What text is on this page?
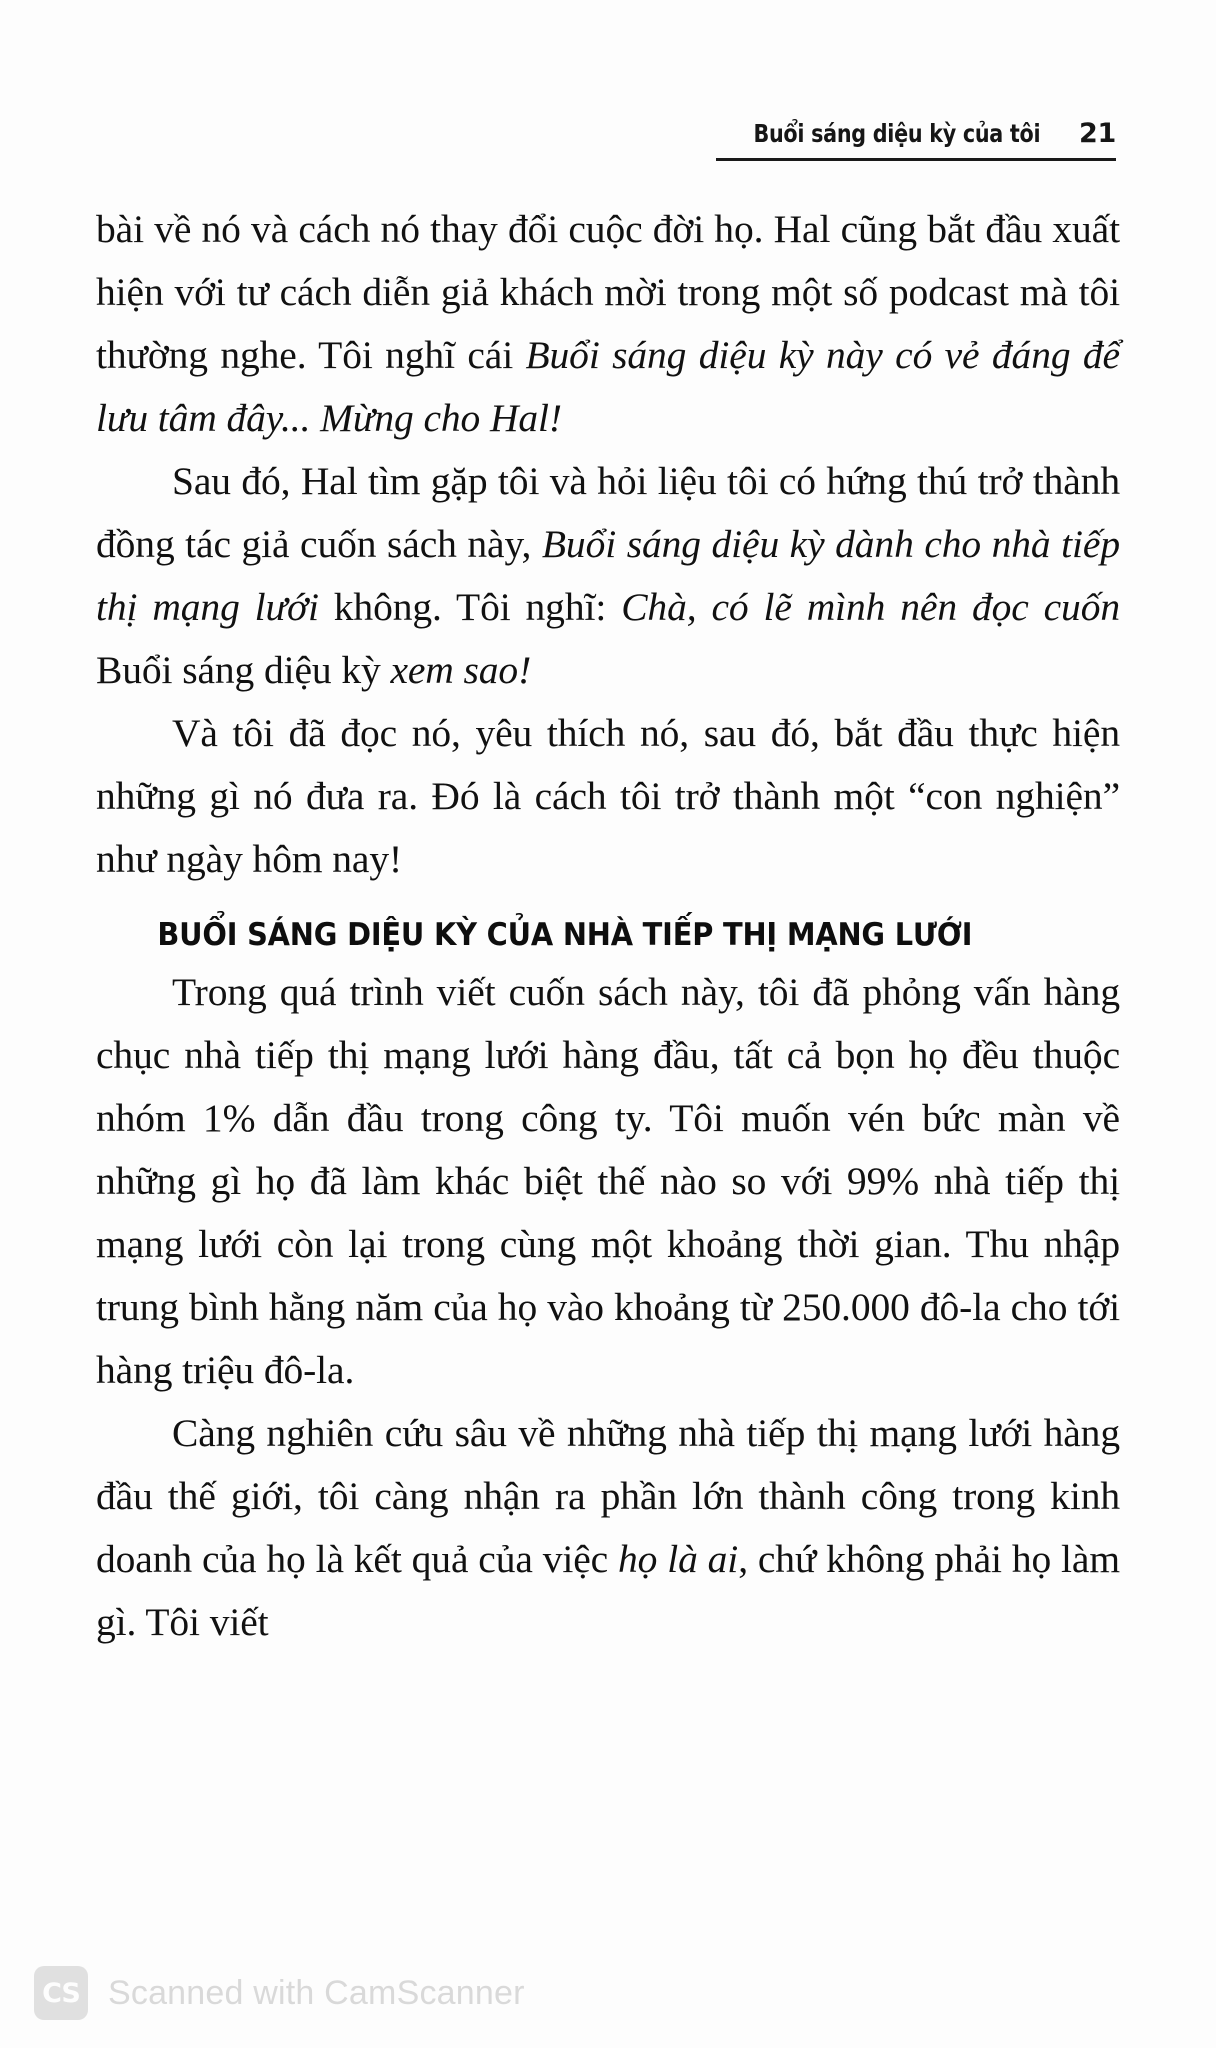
Buổi sáng diệu kỳ của tôi 21

bài về nó và cách nó thay đổi cuộc đời họ. Hal cũng bắt đầu xuất hiện với tư cách diễn giả khách mời trong một số podcast mà tôi thường nghe. Tôi nghĩ cái Buổi sáng diệu kỳ này có vẻ đáng để lưu tâm đây... Mừng cho Hal!

Sau đó, Hal tìm gặp tôi và hỏi liệu tôi có hứng thú trở thành đồng tác giả cuốn sách này, Buổi sáng diệu kỳ dành cho nhà tiếp thị mạng lưới không. Tôi nghĩ: Chà, có lẽ mình nên đọc cuốn Buổi sáng diệu kỳ xem sao!

Và tôi đã đọc nó, yêu thích nó, sau đó, bắt đầu thực hiện những gì nó đưa ra. Đó là cách tôi trở thành một “con nghiện” như ngày hôm nay!

BUỔI SÁNG DIỆU KỲ CỦA NHÀ TIẾP THỊ MẠNG LƯỚI

Trong quá trình viết cuốn sách này, tôi đã phỏng vấn hàng chục nhà tiếp thị mạng lưới hàng đầu, tất cả bọn họ đều thuộc nhóm 1% dẫn đầu trong công ty. Tôi muốn vén bức màn về những gì họ đã làm khác biệt thế nào so với 99% nhà tiếp thị mạng lưới còn lại trong cùng một khoảng thời gian. Thu nhập trung bình hằng năm của họ vào khoảng từ 250.000 đô-la cho tới hàng triệu đô-la.

Càng nghiên cứu sâu về những nhà tiếp thị mạng lưới hàng đầu thế giới, tôi càng nhận ra phần lớn thành công trong kinh doanh của họ là kết quả của việc họ là ai, chứ không phải họ làm gì. Tôi viết

CS Scanned with CamScanner
